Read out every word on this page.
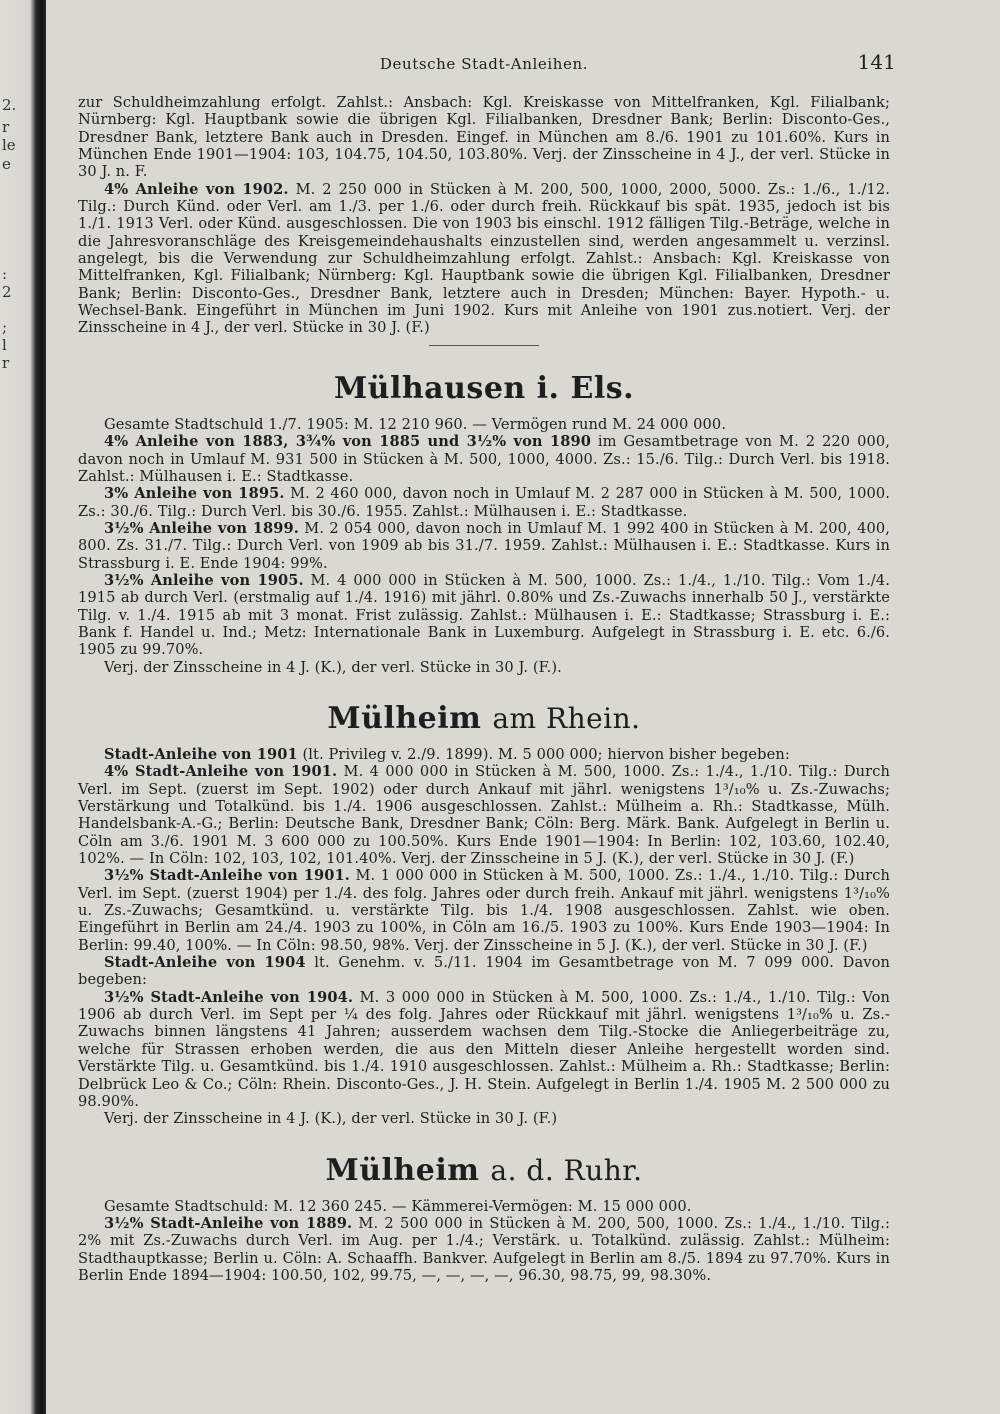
2.
r
le
e
:
2
;
l
r
Deutsche Stadt-Anleihen.	141

zur Schuldheimzahlung erfolgt. Zahlst.: Ansbach: Kgl. Kreiskasse von Mittelfranken, Kgl. Filialbank; Nürnberg: Kgl. Hauptbank sowie die übrigen Kgl. Filialbanken, Dresdner Bank; Berlin: Disconto-Ges., Dresdner Bank, letztere Bank auch in Dresden. Eingef. in München am 8./6. 1901 zu 101.60%. Kurs in München Ende 1901—1904: 103, 104.75, 104.50, 103.80%. Verj. der Zinsscheine in 4 J., der verl. Stücke in 30 J. n. F.

4% Anleihe von 1902. M. 2 250 000 in Stücken à M. 200, 500, 1000, 2000, 5000. Zs.: 1./6., 1./12. Tilg.: Durch Künd. oder Verl. am 1./3. per 1./6. oder durch freih. Rückkauf bis spät. 1935, jedoch ist bis 1./1. 1913 Verl. oder Künd. ausgeschlossen. Die von 1903 bis einschl. 1912 fälligen Tilg.-Beträge, welche in die Jahresvoranschläge des Kreisgemeindehaushalts einzustellen sind, werden angesammelt u. verzinsl. angelegt, bis die Verwendung zur Schuldheimzahlung erfolgt. Zahlst.: Ansbach: Kgl. Kreiskasse von Mittelfranken, Kgl. Filialbank; Nürnberg: Kgl. Hauptbank sowie die übrigen Kgl. Filialbanken, Dresdner Bank; Berlin: Disconto-Ges., Dresdner Bank, letztere auch in Dresden; München: Bayer. Hypoth.- u. Wechsel-Bank. Eingeführt in München im Juni 1902. Kurs mit Anleihe von 1901 zus.notiert. Verj. der Zinsscheine in 4 J., der verl. Stücke in 30 J. (F.)

Mülhausen i. Els.

Gesamte Stadtschuld 1./7. 1905: M. 12 210 960. — Vermögen rund M. 24 000 000.

4% Anleihe von 1883, 3¾% von 1885 und 3½% von 1890 im Gesamtbetrage von M. 2 220 000, davon noch in Umlauf M. 931 500 in Stücken à M. 500, 1000, 4000. Zs.: 15./6. Tilg.: Durch Verl. bis 1918. Zahlst.: Mülhausen i. E.: Stadtkasse.

3% Anleihe von 1895. M. 2 460 000, davon noch in Umlauf M. 2 287 000 in Stücken à M. 500, 1000. Zs.: 30./6. Tilg.: Durch Verl. bis 30./6. 1955. Zahlst.: Mülhausen i. E.: Stadtkasse.

3½% Anleihe von 1899. M. 2 054 000, davon noch in Umlauf M. 1 992 400 in Stücken à M. 200, 400, 800. Zs. 31./7. Tilg.: Durch Verl. von 1909 ab bis 31./7. 1959. Zahlst.: Mülhausen i. E.: Stadtkasse. Kurs in Strassburg i. E. Ende 1904: 99%.

3½% Anleihe von 1905. M. 4 000 000 in Stücken à M. 500, 1000. Zs.: 1./4., 1./10. Tilg.: Vom 1./4. 1915 ab durch Verl. (erstmalig auf 1./4. 1916) mit jährl. 0.80% und Zs.-Zuwachs innerhalb 50 J., verstärkte Tilg. v. 1./4. 1915 ab mit 3 monat. Frist zulässig. Zahlst.: Mülhausen i. E.: Stadtkasse; Strassburg i. E.: Bank f. Handel u. Ind.; Metz: Internationale Bank in Luxemburg. Aufgelegt in Strassburg i. E. etc. 6./6. 1905 zu 99.70%.

Verj. der Zinsscheine in 4 J. (K.), der verl. Stücke in 30 J. (F.).

Mülheim am Rhein.

Stadt-Anleihe von 1901 (lt. Privileg v. 2./9. 1899). M. 5 000 000; hiervon bisher begeben:

4% Stadt-Anleihe von 1901. M. 4 000 000 in Stücken à M. 500, 1000. Zs.: 1./4., 1./10. Tilg.: Durch Verl. im Sept. (zuerst im Sept. 1902) oder durch Ankauf mit jährl. wenigstens 1³/₁₀% u. Zs.-Zuwachs; Verstärkung und Totalkünd. bis 1./4. 1906 ausgeschlossen. Zahlst.: Mülheim a. Rh.: Stadtkasse, Mülh. Handelsbank-A.-G.; Berlin: Deutsche Bank, Dresdner Bank; Cöln: Berg. Märk. Bank. Aufgelegt in Berlin u. Cöln am 3./6. 1901 M. 3 600 000 zu 100.50%. Kurs Ende 1901—1904: In Berlin: 102, 103.60, 102.40, 102%. — In Cöln: 102, 103, 102, 101.40%. Verj. der Zinsscheine in 5 J. (K.), der verl. Stücke in 30 J. (F.)

3½% Stadt-Anleihe von 1901. M. 1 000 000 in Stücken à M. 500, 1000. Zs.: 1./4., 1./10. Tilg.: Durch Verl. im Sept. (zuerst 1904) per 1./4. des folg. Jahres oder durch freih. Ankauf mit jährl. wenigstens 1³/₁₀% u. Zs.-Zuwachs; Gesamtkünd. u. verstärkte Tilg. bis 1./4. 1908 ausgeschlossen. Zahlst. wie oben. Eingeführt in Berlin am 24./4. 1903 zu 100%, in Cöln am 16./5. 1903 zu 100%. Kurs Ende 1903—1904: In Berlin: 99.40, 100%. — In Cöln: 98.50, 98%. Verj. der Zinsscheine in 5 J. (K.), der verl. Stücke in 30 J. (F.)

Stadt-Anleihe von 1904 lt. Genehm. v. 5./11. 1904 im Gesamtbetrage von M. 7 099 000. Davon begeben:

3½% Stadt-Anleihe von 1904. M. 3 000 000 in Stücken à M. 500, 1000. Zs.: 1./4., 1./10. Tilg.: Von 1906 ab durch Verl. im Sept per ¼ des folg. Jahres oder Rückkauf mit jährl. wenigstens 1³/₁₀% u. Zs.-Zuwachs binnen längstens 41 Jahren; ausserdem wachsen dem Tilg.-Stocke die Anliegerbeiträge zu, welche für Strassen erhoben werden, die aus den Mitteln dieser Anleihe hergestellt worden sind. Verstärkte Tilg. u. Gesamtkünd. bis 1./4. 1910 ausgeschlossen. Zahlst.: Mülheim a. Rh.: Stadtkasse; Berlin: Delbrück Leo & Co.; Cöln: Rhein. Disconto-Ges., J. H. Stein. Aufgelegt in Berlin 1./4. 1905 M. 2 500 000 zu 98.90%.

Verj. der Zinsscheine in 4 J. (K.), der verl. Stücke in 30 J. (F.)

Mülheim a. d. Ruhr.

Gesamte Stadtschuld: M. 12 360 245. — Kämmerei-Vermögen: M. 15 000 000.

3½% Stadt-Anleihe von 1889. M. 2 500 000 in Stücken à M. 200, 500, 1000. Zs.: 1./4., 1./10. Tilg.: 2% mit Zs.-Zuwachs durch Verl. im Aug. per 1./4.; Verstärk. u. Totalkünd. zulässig. Zahlst.: Mülheim: Stadthauptkasse; Berlin u. Cöln: A. Schaaffh. Bankver. Aufgelegt in Berlin am 8./5. 1894 zu 97.70%. Kurs in Berlin Ende 1894—1904: 100.50, 102, 99.75, —, —, —, —, 96.30, 98.75, 99, 98.30%.
